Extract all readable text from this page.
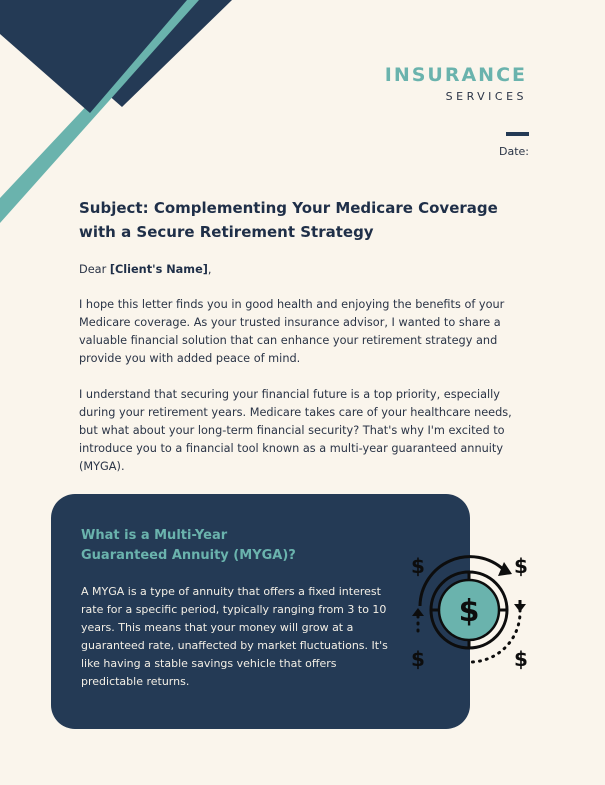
INSURANCE
SERVICES
Date:
Subject: Complementing Your Medicare Coverage
with a Secure Retirement Strategy
Dear [Client's Name],
I hope this letter finds you in good health and enjoying the benefits of your Medicare coverage. As your trusted insurance advisor, I wanted to share a valuable financial solution that can enhance your retirement strategy and provide you with added peace of mind.
I understand that securing your financial future is a top priority, especially during your retirement years. Medicare takes care of your healthcare needs, but what about your long-term financial security? That's why I'm excited to introduce you to a financial tool known as a multi-year guaranteed annuity (MYGA).
What is a Multi-Year
Guaranteed Annuity (MYGA)?
A MYGA is a type of annuity that offers a fixed interest rate for a specific period, typically ranging from 3 to 10 years. This means that your money will grow at a guaranteed rate, unaffected by market fluctuations. It's like having a stable savings vehicle that offers predictable returns.
$
$	$
$	$
